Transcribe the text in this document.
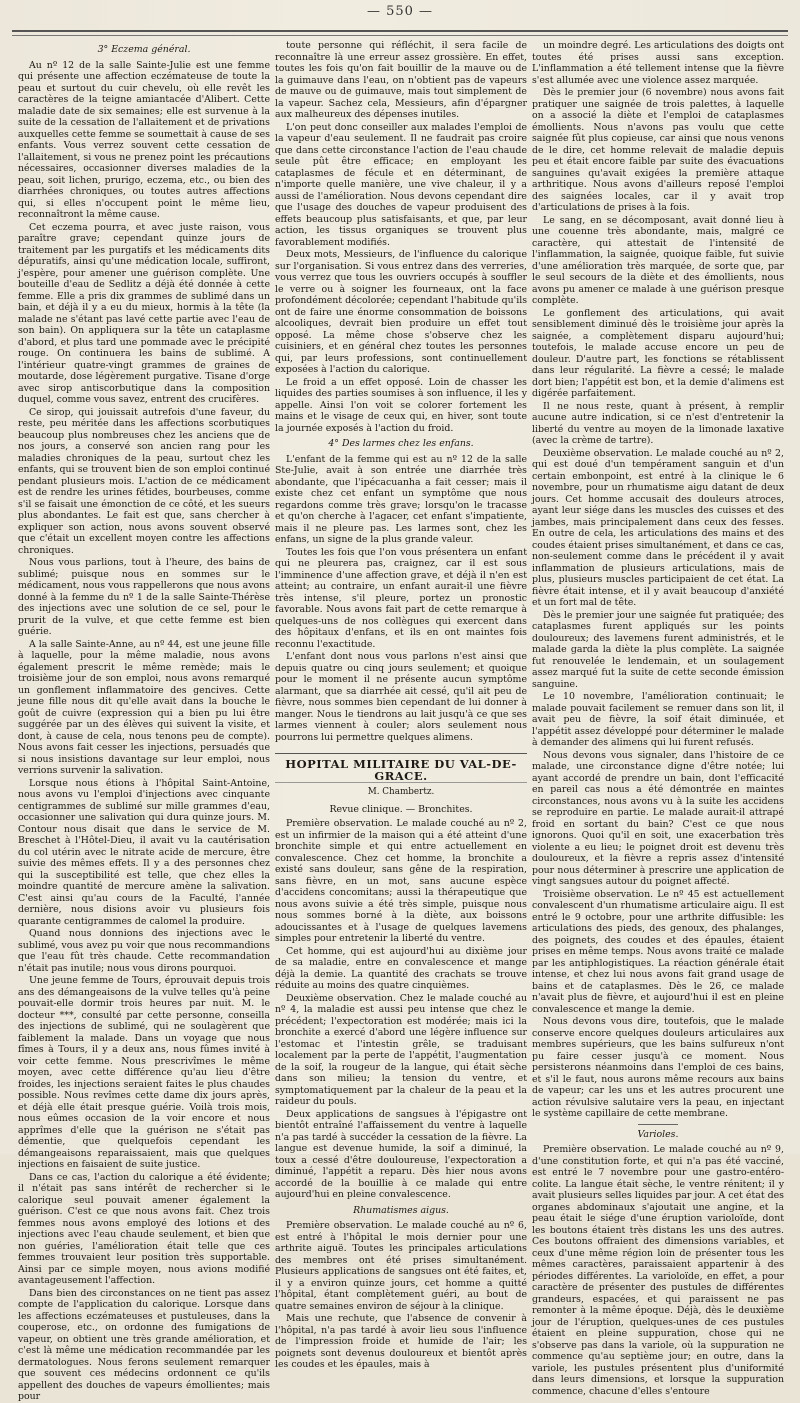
— 550 —

3° Eczema général.

Au nº 12 de la salle Sainte-Julie est une femme qui présente une affection eczémateuse de toute la peau et surtout du cuir chevelu, où elle revêt les caractères de la teigne amiantacée d'Alibert. Cette maladie date de six semaines; elle est survenue à la suite de la cessation de l'allaitement et de privations auxquelles cette femme se soumettait à cause de ses enfants. Vous verrez souvent cette cessation de l'allaitement, si vous ne prenez point les précautions nécessaires, occasionner diverses maladies de la peau, soit lichen, prurigo, eczema, etc., ou bien des diarrhées chroniques, ou toutes autres affections qui, si elles n'occupent point le même lieu, reconnaîtront la même cause.

Cet eczema pourra, et avec juste raison, vous paraître grave; cependant quinze jours de traitement par les purgatifs et les médicaments dits dépuratifs, ainsi qu'une médication locale, suffiront, j'espère, pour amener une guérison complète. Une bouteille d'eau de Sedlitz a déjà été donnée à cette femme. Elle a pris dix grammes de sublimé dans un bain, et déjà il y a eu du mieux, hormis à la tête (la malade ne s'étant pas lavé cette partie avec l'eau de son bain). On appliquera sur la tête un cataplasme d'abord, et plus tard une pommade avec le précipité rouge. On continuera les bains de sublimé. A l'intérieur quatre-vingt grammes de graines de moutarde, dose légèrement purgative. Tisane d'orge avec sirop antiscorbutique dans la composition duquel, comme vous savez, entrent des crucifères.

Ce sirop, qui jouissait autrefois d'une faveur, du reste, peu méritée dans les affections scorbutiques beaucoup plus nombreuses chez les anciens que de nos jours, a conservé son ancien rang pour les maladies chroniques de la peau, surtout chez les enfants, qui se trouvent bien de son emploi continué pendant plusieurs mois. L'action de ce médicament est de rendre les urines fétides, bourbeuses, comme s'il se faisait une émonction de ce côté, et les sueurs plus abondantes. Le fait est que, sans chercher à expliquer son action, nous avons souvent observé que c'était un excellent moyen contre les affections chroniques.

Nous vous parlions, tout à l'heure, des bains de sublimé; puisque nous en sommes sur le médicament, nous vous rappellerons que nous avons donné à la femme du nº 1 de la salle Sainte-Thérèse des injections avec une solution de ce sel, pour le prurit de la vulve, et que cette femme est bien guérie.

A la salle Sainte-Anne, au nº 44, est une jeune fille à laquelle, pour la même maladie, nous avons également prescrit le même remède; mais le troisième jour de son emploi, nous avons remarqué un gonflement inflammatoire des gencives. Cette jeune fille nous dit qu'elle avait dans la bouche le goût de cuivre (expression qui a bien pu lui être suggérée par un des élèves qui suivent la visite, et dont, à cause de cela, nous tenons peu de compte). Nous avons fait cesser les injections, persuadés que si nous insistions davantage sur leur emploi, nous verrions survenir la salivation.

Lorsque nous étions à l'hôpital Saint-Antoine, nous avons vu l'emploi d'injections avec cinquante centigrammes de sublimé sur mille grammes d'eau, occasionner une salivation qui dura quinze jours. M. Contour nous disait que dans le service de M. Breschet à l'Hôtel-Dieu, il avait vu la cautérisation du col utérin avec le nitrate acide de mercure, être suivie des mêmes effets. Il y a des personnes chez qui la susceptibilité est telle, que chez elles la moindre quantité de mercure amène la salivation. C'est ainsi qu'au cours de la Faculté, l'année dernière, nous disions avoir vu plusieurs fois quarante centigrammes de calomel la produire.

Quand nous donnions des injections avec le sublimé, vous avez pu voir que nous recommandions que l'eau fût très chaude. Cette recommandation n'était pas inutile; nous vous dirons pourquoi.

Une jeune femme de Tours, éprouvait depuis trois ans des démangeaisons de la vulve telles qu'à peine pouvait-elle dormir trois heures par nuit. M. le docteur ***, consulté par cette personne, conseilla des injections de sublimé, qui ne soulagèrent que faiblement la malade. Dans un voyage que nous fîmes à Tours, il y a deux ans, nous fûmes invité à voir cette femme. Nous prescrivîmes le même moyen, avec cette différence qu'au lieu d'être froides, les injections seraient faites le plus chaudes possible. Nous revîmes cette dame dix jours après, et déjà elle était presque guérie. Voilà trois mois, nous eûmes occasion de la voir encore et nous apprîmes d'elle que la guérison ne s'était pas démentie, que quelquefois cependant les démangeaisons reparaissaient, mais que quelques injections en faisaient de suite justice.

Dans ce cas, l'action du calorique a été évidente; il n'était pas sans intérêt de rechercher si le calorique seul pouvait amener également la guérison. C'est ce que nous avons fait. Chez trois femmes nous avons employé des lotions et des injections avec l'eau chaude seulement, et bien que non guéries, l'amélioration était telle que ces femmes trouvaient leur position très supportable. Ainsi par ce simple moyen, nous avions modifié avantageusement l'affection.

Dans bien des circonstances on ne tient pas assez compte de l'application du calorique. Lorsque dans les affections eczémateuses et pustuleuses, dans la couperose, etc., on ordonne des fumigations de vapeur, on obtient une très grande amélioration, et c'est là même une médication recommandée par les dermatologues. Nous ferons seulement remarquer que souvent ces médecins ordonnent ce qu'ils appellent des douches de vapeurs émollientes; mais pour

toute personne qui réfléchit, il sera facile de reconnaître là une erreur assez grossière. En effet, toutes les fois qu'on fait bouillir de la mauve ou de la guimauve dans l'eau, on n'obtient pas de vapeurs de mauve ou de guimauve, mais tout simplement de la vapeur. Sachez cela, Messieurs, afin d'épargner aux malheureux des dépenses inutiles.

L'on peut donc conseiller aux malades l'emploi de la vapeur d'eau seulement. Il ne faudrait pas croire que dans cette circonstance l'action de l'eau chaude seule pût être efficace; en employant les cataplasmes de fécule et en déterminant, de n'importe quelle manière, une vive chaleur, il y a aussi de l'amélioration. Nous devons cependant dire que l'usage des douches de vapeur produisent des effets beaucoup plus satisfaisants, et que, par leur action, les tissus organiques se trouvent plus favorablement modifiés.

Deux mots, Messieurs, de l'influence du calorique sur l'organisation. Si vous entrez dans des verreries, vous verrez que tous les ouvriers occupés à souffler le verre ou à soigner les fourneaux, ont la face profondément décolorée; cependant l'habitude qu'ils ont de faire une énorme consommation de boissons alcooliques, devrait bien produire un effet tout opposé. La même chose s'observe chez les cuisiniers, et en général chez toutes les personnes qui, par leurs professions, sont continuellement exposées à l'action du calorique.

Le froid a un effet opposé. Loin de chasser les liquides des parties soumises à son influence, il les y appelle. Ainsi l'on voit se colorer fortement les mains et le visage de ceux qui, en hiver, sont toute la journée exposés à l'action du froid.

4° Des larmes chez les enfans.

L'enfant de la femme qui est au nº 12 de la salle Ste-Julie, avait à son entrée une diarrhée très abondante, que l'ipécacuanha a fait cesser; mais il existe chez cet enfant un symptôme que nous regardons comme très grave; lorsqu'on le tracasse et qu'on cherche à l'agacer, cet enfant s'impatiente, mais il ne pleure pas. Les larmes sont, chez les enfans, un signe de la plus grande valeur.

Toutes les fois que l'on vous présentera un enfant qui ne pleurera pas, craignez, car il est sous l'imminence d'une affection grave, et déjà il n'en est atteint; au contraire, un enfant aurait-il une fièvre très intense, s'il pleure, portez un pronostic favorable. Nous avons fait part de cette remarque à quelques-uns de nos collègues qui exercent dans des hôpitaux d'enfans, et ils en ont maintes fois reconnu l'exactitude.

L'enfant dont nous vous parlons n'est ainsi que depuis quatre ou cinq jours seulement; et quoique pour le moment il ne présente aucun symptôme alarmant, que sa diarrhée ait cessé, qu'il ait peu de fièvre, nous sommes bien cependant de lui donner à manger. Nous le tiendrons au lait jusqu'à ce que ses larmes viennent à couler; alors seulement nous pourrons lui permettre quelques alimens.

HOPITAL MILITAIRE DU VAL-DE-GRACE.

M. Chambertz.

Revue clinique. — Bronchites.

Première observation. Le malade couché au nº 2, est un infirmier de la maison qui a été atteint d'une bronchite simple et qui entre actuellement en convalescence. Chez cet homme, la bronchite a existé sans douleur, sans gêne de la respiration, sans fièvre, en un mot, sans aucune espèce d'accidens concomitans; aussi la thérapeutique que nous avons suivie a été très simple, puisque nous nous sommes borné à la diète, aux boissons adoucissantes et à l'usage de quelques lavemens simples pour entretenir la liberté du ventre.

Cet homme, qui est aujourd'hui au dixième jour de sa maladie, entre en convalescence et mange déjà la demie. La quantité des crachats se trouve réduite au moins des quatre cinquièmes.

Deuxième observation. Chez le malade couché au nº 4, la maladie est aussi peu intense que chez le précédent; l'expectoration est modérée; mais ici la bronchite a exercé d'abord une légère influence sur l'estomac et l'intestin grêle, se traduisant localement par la perte de l'appétit, l'augmentation de la soif, la rougeur de la langue, qui était sèche dans son milieu; la tension du ventre, et symptomatiquement par la chaleur de la peau et la raideur du pouls.

Deux applications de sangsues à l'épigastre ont bientôt entraîné l'affaissement du ventre à laquelle n'a pas tardé à succéder la cessation de la fièvre. La langue est devenue humide, la soif a diminué, la toux a cessé d'être douloureuse, l'expectoration a diminué, l'appétit a reparu. Dès hier nous avons accordé de la bouillie à ce malade qui entre aujourd'hui en pleine convalescence.

Rhumatismes aigus.

Première observation. Le malade couché au nº 6, est entré à l'hôpital le mois dernier pour une arthrite aiguë. Toutes les principales articulations des membres ont été prises simultanément. Plusieurs applications de sangsues ont été faites, et, il y a environ quinze jours, cet homme a quitté l'hôpital, étant complètement guéri, au bout de quatre semaines environ de séjour à la clinique.

Mais une rechute, que l'absence de convenir à l'hôpital, n'a pas tardé à avoir lieu sous l'influence de l'impression froide et humide de l'air; les poignets sont devenus douloureux et bientôt après les coudes et les épaules, mais à

un moindre degré. Les articulations des doigts ont toutes été prises aussi sans exception. L'inflammation a été tellement intense que la fièvre s'est allumée avec une violence assez marquée.

Dès le premier jour (6 novembre) nous avons fait pratiquer une saignée de trois palettes, à laquelle on a associé la diète et l'emploi de cataplasmes émollients. Nous n'avons pas voulu que cette saignée fût plus copieuse, car ainsi que nous venons de le dire, cet homme relevait de maladie depuis peu et était encore faible par suite des évacuations sanguines qu'avait exigées la première attaque arthritique. Nous avons d'ailleurs reposé l'emploi des saignées locales, car il y avait trop d'articulations de prises à la fois.

Le sang, en se décomposant, avait donné lieu à une couenne très abondante, mais, malgré ce caractère, qui attestait de l'intensité de l'inflammation, la saignée, quoique faible, fut suivie d'une amélioration très marquée, de sorte que, par le seul secours de la diète et des émollients, nous avons pu amener ce malade à une guérison presque complète.

Le gonflement des articulations, qui avait sensiblement diminué dès le troisième jour après la saignée, a complètement disparu aujourd'hui; toutefois, le malade accuse encore un peu de douleur. D'autre part, les fonctions se rétablissent dans leur régularité. La fièvre a cessé; le malade dort bien; l'appétit est bon, et la demie d'alimens est digérée parfaitement.

Il ne nous reste, quant à présent, à remplir aucune autre indication, si ce n'est d'entretenir la liberté du ventre au moyen de la limonade laxative (avec la crème de tartre).

Deuxième observation. Le malade couché au nº 2, qui est doué d'un tempérament sanguin et d'un certain embonpoint, est entré à la clinique le 6 novembre, pour un rhumatisme aigu datant de deux jours. Cet homme accusait des douleurs atroces, ayant leur siége dans les muscles des cuisses et des jambes, mais principalement dans ceux des fesses. En outre de cela, les articulations des mains et des coudes étaient prises simultanément, et dans ce cas, non-seulement comme dans le précédent il y avait inflammation de plusieurs articulations, mais de plus, plusieurs muscles participaient de cet état. La fièvre était intense, et il y avait beaucoup d'anxiété et un fort mal de tête.

Dès le premier jour une saignée fut pratiquée; des cataplasmes furent appliqués sur les points douloureux; des lavemens furent administrés, et le malade garda la diète la plus complète. La saignée fut renouvelée le lendemain, et un soulagement assez marqué fut la suite de cette seconde émission sanguine.

Le 10 novembre, l'amélioration continuait; le malade pouvait facilement se remuer dans son lit, il avait peu de fièvre, la soif était diminuée, et l'appétit assez développé pour déterminer le malade à demander des alimens qui lui furent refusés.

Nous devons vous signaler, dans l'histoire de ce malade, une circonstance digne d'être notée; lui ayant accordé de prendre un bain, dont l'efficacité en pareil cas nous a été démontrée en maintes circonstances, nous avons vu à la suite les accidens se reproduire en partie. Le malade aurait-il attrapé froid en sortant du bain? C'est ce que nous ignorons. Quoi qu'il en soit, une exacerbation très violente a eu lieu; le poignet droit est devenu très douloureux, et la fièvre a repris assez d'intensité pour nous déterminer à prescrire une application de vingt sangsues autour du poignet affecté.

Troisième observation. Le nº 45 est actuellement convalescent d'un rhumatisme articulaire aigu. Il est entré le 9 octobre, pour une arthrite diffusible: les articulations des pieds, des genoux, des phalanges, des poignets, des coudes et des épaules, étaient prises en même temps. Nous avons traité ce malade par les antiphlogistiques. La réaction générale était intense, et chez lui nous avons fait grand usage de bains et de cataplasmes. Dès le 26, ce malade n'avait plus de fièvre, et aujourd'hui il est en pleine convalescence et mange la demie.

Nous devons vous dire, toutefois, que le malade conserve encore quelques douleurs articulaires aux membres supérieurs, que les bains sulfureux n'ont pu faire cesser jusqu'à ce moment. Nous persisterons néanmoins dans l'emploi de ces bains, et s'il le faut, nous aurons même recours aux bains de vapeur; car les uns et les autres procurent une action révulsive salutaire vers la peau, en injectant le système capillaire de cette membrane.

Varioles.

Première observation. Le malade couché au nº 9, d'une constitution forte, et qui n'a pas été vacciné, est entré le 7 novembre pour une gastro-entéro-colite. La langue était sèche, le ventre rénitent; il y avait plusieurs selles liquides par jour. A cet état des organes abdominaux s'ajoutait une angine, et la peau était le siége d'une éruption varioloïde, dont les boutons étaient très distans les uns des autres. Ces boutons offraient des dimensions variables, et ceux d'une même région loin de présenter tous les mêmes caractères, paraissaient appartenir à des périodes différentes. La varioloïde, en effet, a pour caractère de présenter des pustules de différentes grandeurs, espacées, et qui paraissent ne pas remonter à la même époque. Déjà, dès le deuxième jour de l'éruption, quelques-unes de ces pustules étaient en pleine suppuration, chose qui ne s'observe pas dans la variole, où la suppuration ne commence qu'au septième jour; en outre, dans la variole, les pustules présentent plus d'uniformité dans leurs dimensions, et lorsque la suppuration commence, chacune d'elles s'entoure
